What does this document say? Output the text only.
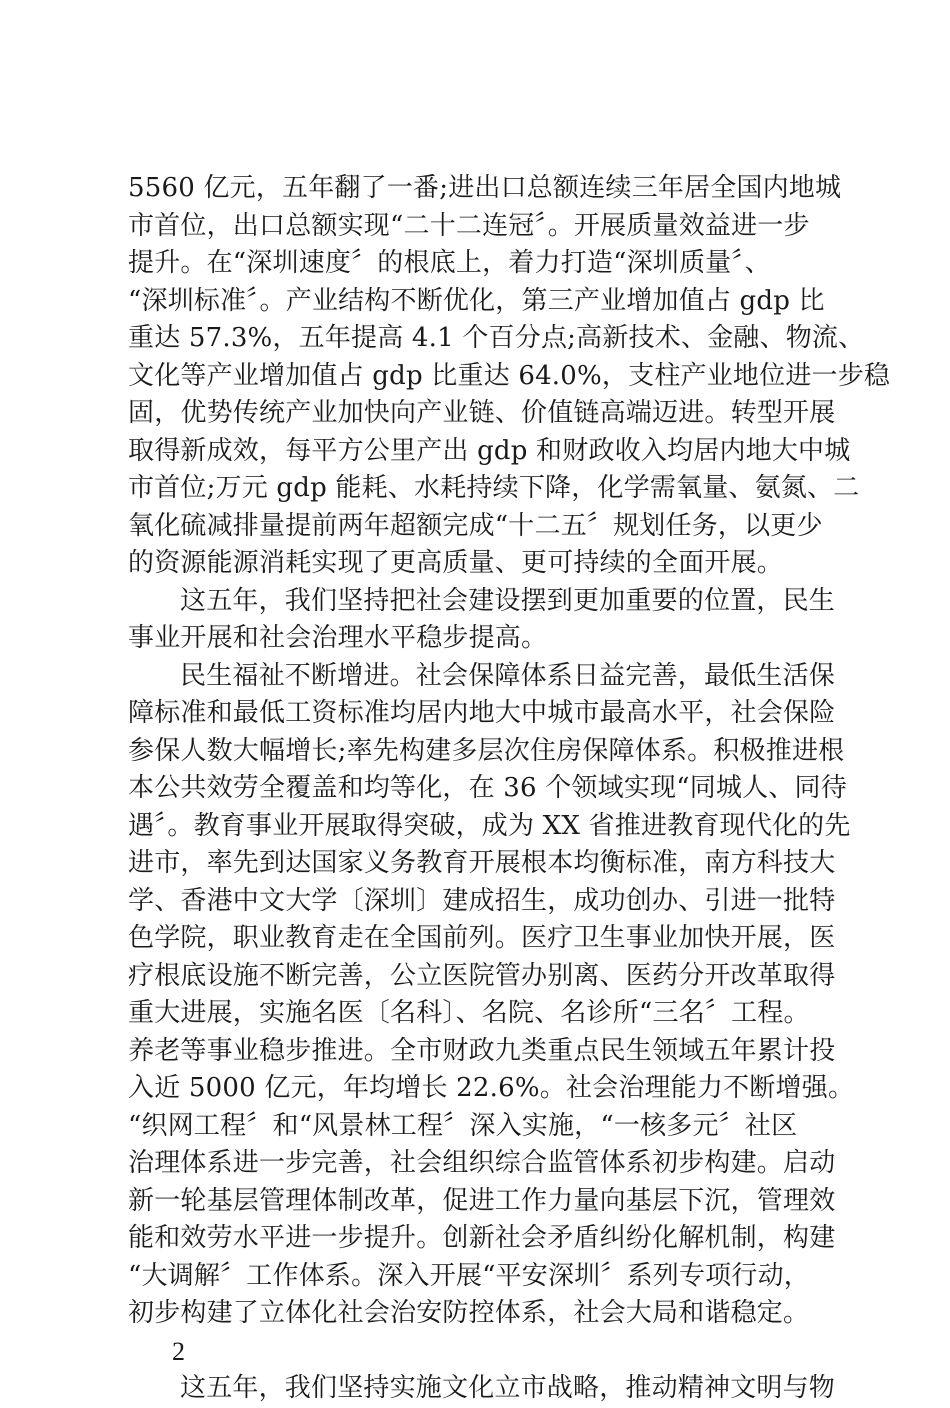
5560 亿元，五年翻了一番;进出口总额连续三年居全国内地城
市首位，出口总额实现“二十二连冠〞。开展质量效益进一步
提升。在“深圳速度〞的根底上，着力打造“深圳质量〞、
“深圳标准〞。产业结构不断优化，第三产业增加值占 gdp 比
重达 57.3%，五年提高 4.1 个百分点;高新技术、金融、物流、
文化等产业增加值占 gdp 比重达 64.0%，支柱产业地位进一步稳
固，优势传统产业加快向产业链、价值链高端迈进。转型开展
取得新成效，每平方公里产出 gdp 和财政收入均居内地大中城
市首位;万元 gdp 能耗、水耗持续下降，化学需氧量、氨氮、二
氧化硫减排量提前两年超额完成“十二五〞规划任务，以更少
的资源能源消耗实现了更高质量、更可持续的全面开展。
这五年，我们坚持把社会建设摆到更加重要的位置，民生
事业开展和社会治理水平稳步提高。
民生福祉不断增进。社会保障体系日益完善，最低生活保
障标准和最低工资标准均居内地大中城市最高水平，社会保险
参保人数大幅增长;率先构建多层次住房保障体系。积极推进根
本公共效劳全覆盖和均等化，在 36 个领域实现“同城人、同待
遇〞。教育事业开展取得突破，成为 XX 省推进教育现代化的先
进市，率先到达国家义务教育开展根本均衡标准，南方科技大
学、香港中文大学〔深圳〕建成招生，成功创办、引进一批特
色学院，职业教育走在全国前列。医疗卫生事业加快开展，医
疗根底设施不断完善，公立医院管办别离、医药分开改革取得
重大进展，实施名医〔名科〕、名院、名诊所“三名〞工程。
养老等事业稳步推进。全市财政九类重点民生领域五年累计投
入近 5000 亿元，年均增长 22.6%。社会治理能力不断增强。
“织网工程〞和“风景林工程〞深入实施，“一核多元〞社区
治理体系进一步完善，社会组织综合监管体系初步构建。启动
新一轮基层管理体制改革，促进工作力量向基层下沉，管理效
能和效劳水平进一步提升。创新社会矛盾纠纷化解机制，构建
“大调解〞工作体系。深入开展“平安深圳〞系列专项行动，
初步构建了立体化社会治安防控体系，社会大局和谐稳定。
2
这五年，我们坚持实施文化立市战略，推动精神文明与物
